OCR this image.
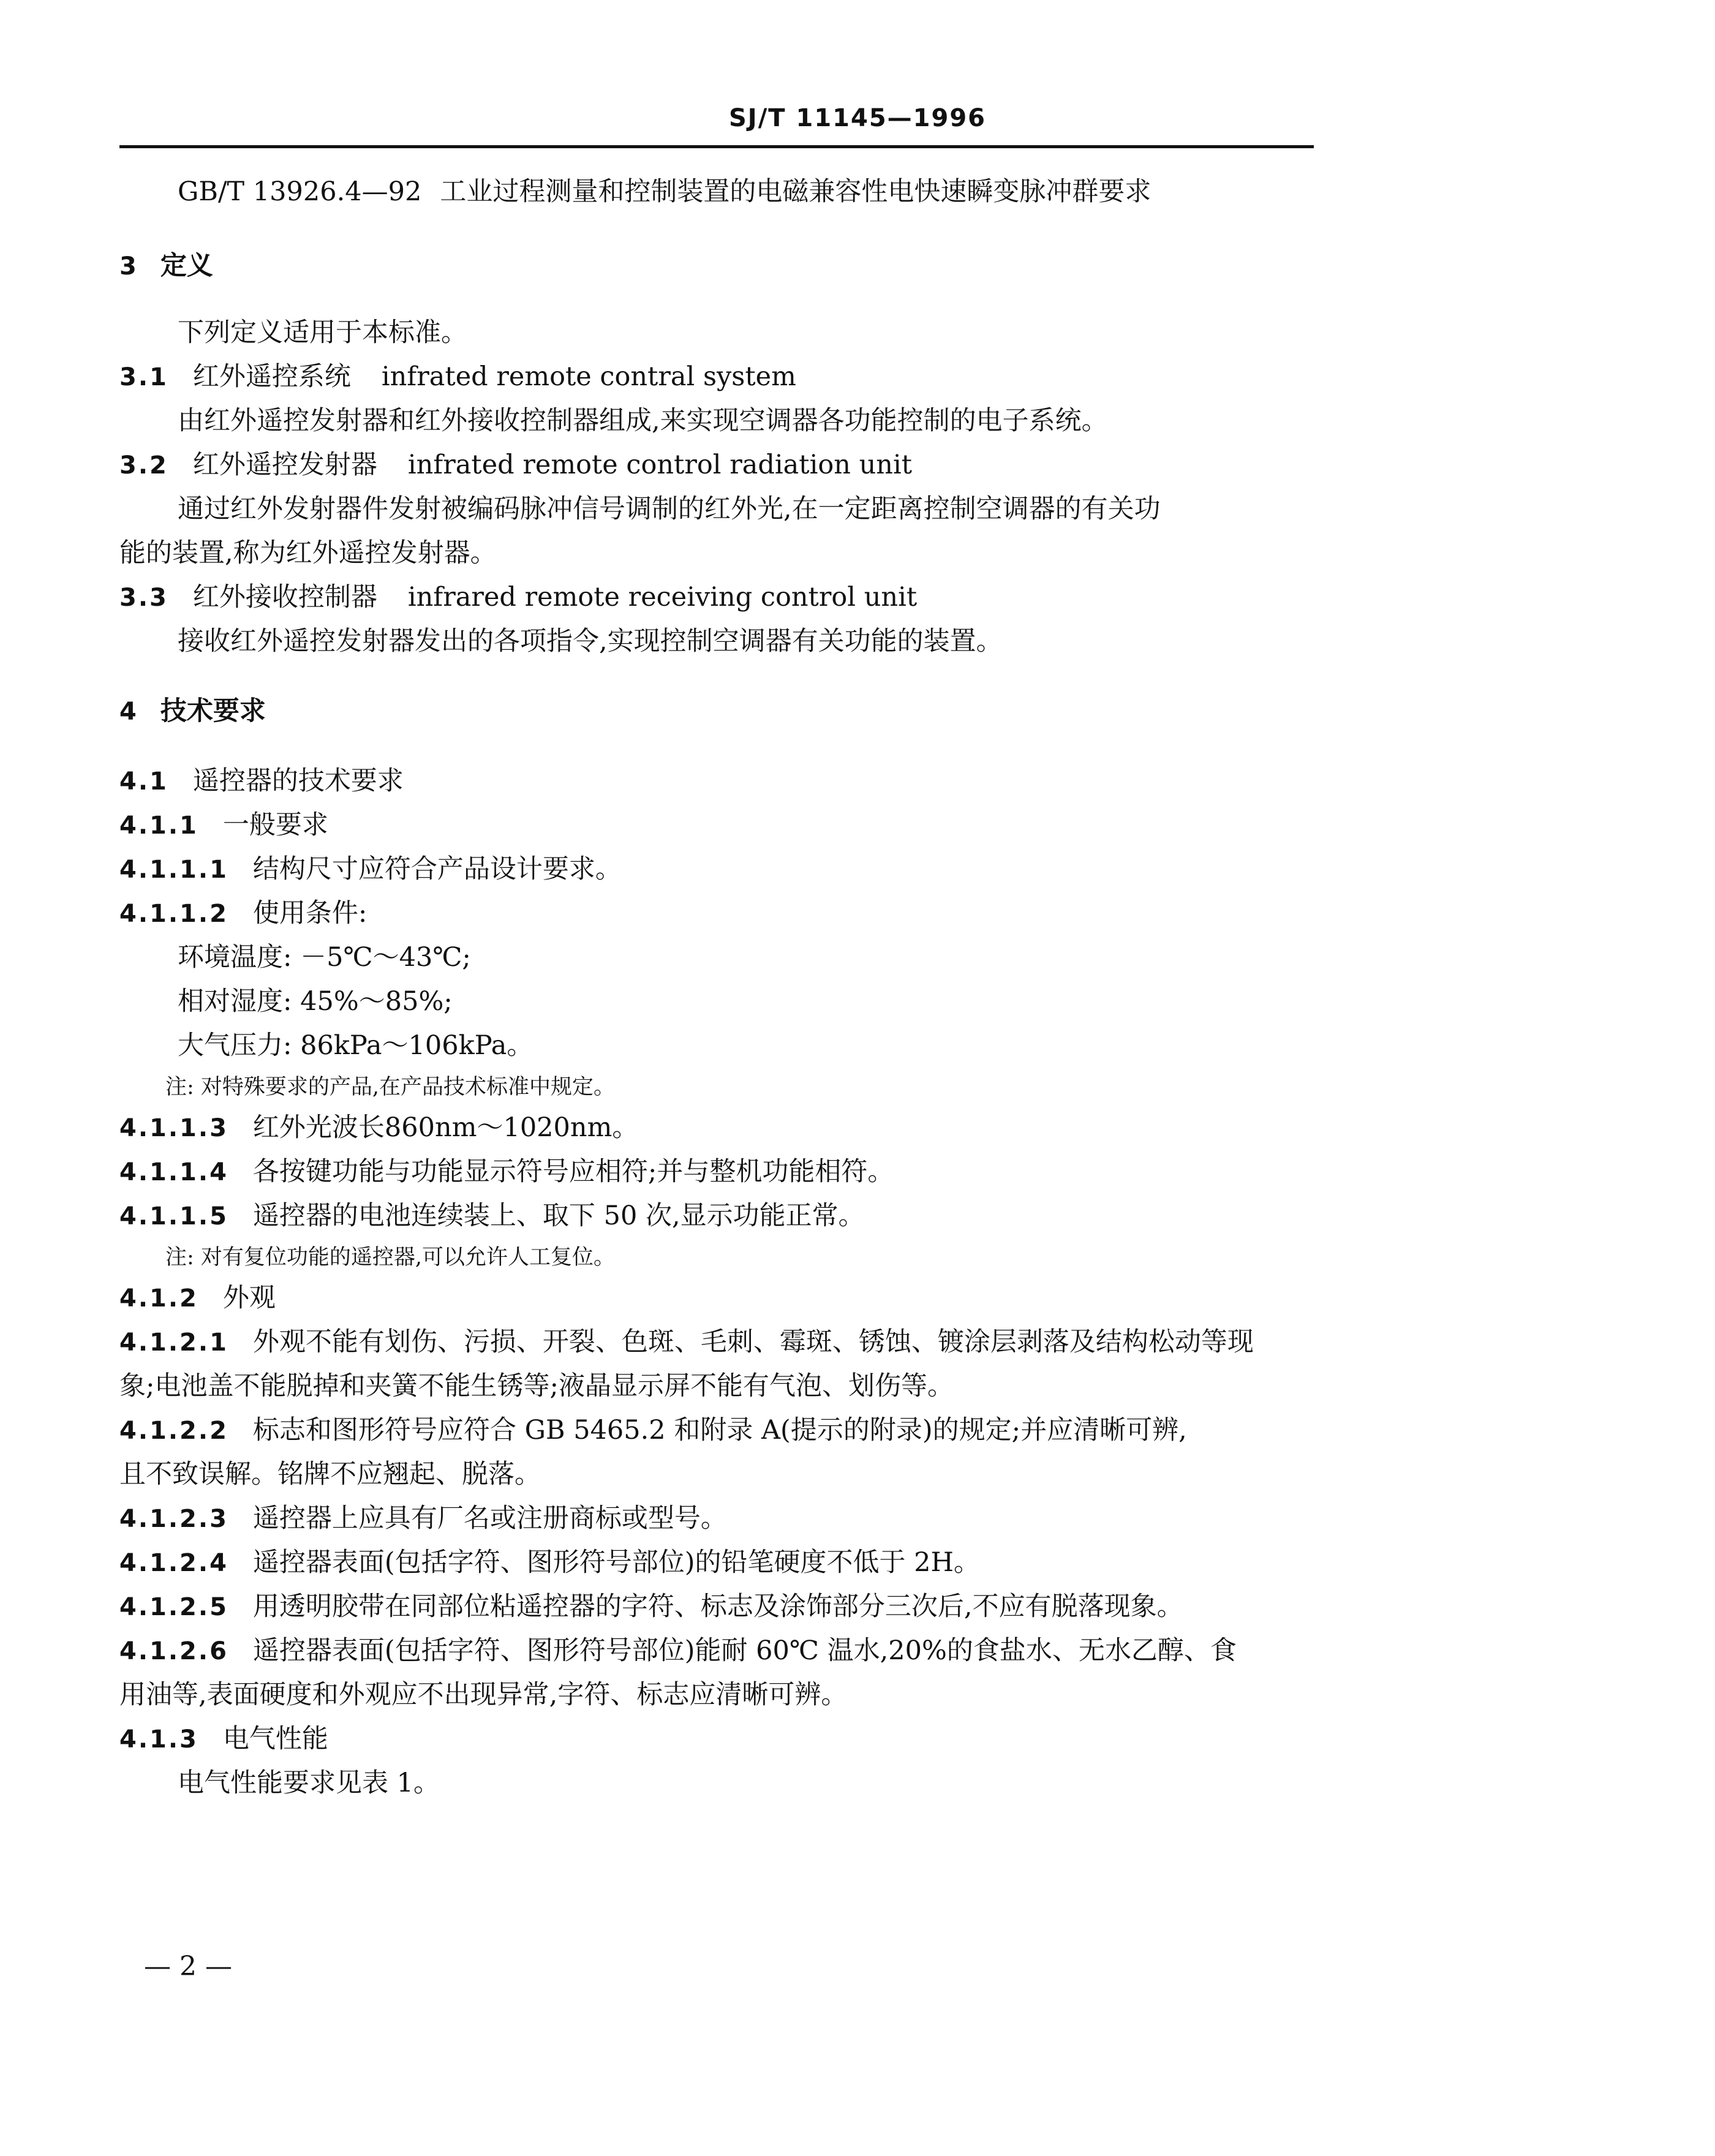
SJ/T 11145—1996
GB/T 13926.4—92 工业过程测量和控制装置的电磁兼容性电快速瞬变脉冲群要求
3 定义
下列定义适用于本标准。
3.1 红外遥控系统 infrated remote contral system
由红外遥控发射器和红外接收控制器组成,来实现空调器各功能控制的电子系统。
3.2 红外遥控发射器 infrated remote control radiation unit
通过红外发射器件发射被编码脉冲信号调制的红外光,在一定距离控制空调器的有关功
能的装置,称为红外遥控发射器。
3.3 红外接收控制器 infrared remote receiving control unit
接收红外遥控发射器发出的各项指令,实现控制空调器有关功能的装置。
4 技术要求
4.1 遥控器的技术要求
4.1.1 一般要求
4.1.1.1 结构尺寸应符合产品设计要求。
4.1.1.2 使用条件:
环境温度: －5℃～43℃;
相对湿度: 45%～85%;
大气压力: 86kPa～106kPa。
注: 对特殊要求的产品,在产品技术标准中规定。
4.1.1.3 红外光波长860nm～1020nm。
4.1.1.4 各按键功能与功能显示符号应相符;并与整机功能相符。
4.1.1.5 遥控器的电池连续装上、取下 50 次,显示功能正常。
注: 对有复位功能的遥控器,可以允许人工复位。
4.1.2 外观
4.1.2.1 外观不能有划伤、污损、开裂、色斑、毛刺、霉斑、锈蚀、镀涂层剥落及结构松动等现
象;电池盖不能脱掉和夹簧不能生锈等;液晶显示屏不能有气泡、划伤等。
4.1.2.2 标志和图形符号应符合 GB 5465.2 和附录 A(提示的附录)的规定;并应清晰可辨,
且不致误解。铭牌不应翘起、脱落。
4.1.2.3 遥控器上应具有厂名或注册商标或型号。
4.1.2.4 遥控器表面(包括字符、图形符号部位)的铅笔硬度不低于 2H。
4.1.2.5 用透明胶带在同部位粘遥控器的字符、标志及涂饰部分三次后,不应有脱落现象。
4.1.2.6 遥控器表面(包括字符、图形符号部位)能耐 60℃ 温水,20%的食盐水、无水乙醇、食
用油等,表面硬度和外观应不出现异常,字符、标志应清晰可辨。
4.1.3 电气性能
电气性能要求见表 1。
— 2 —
